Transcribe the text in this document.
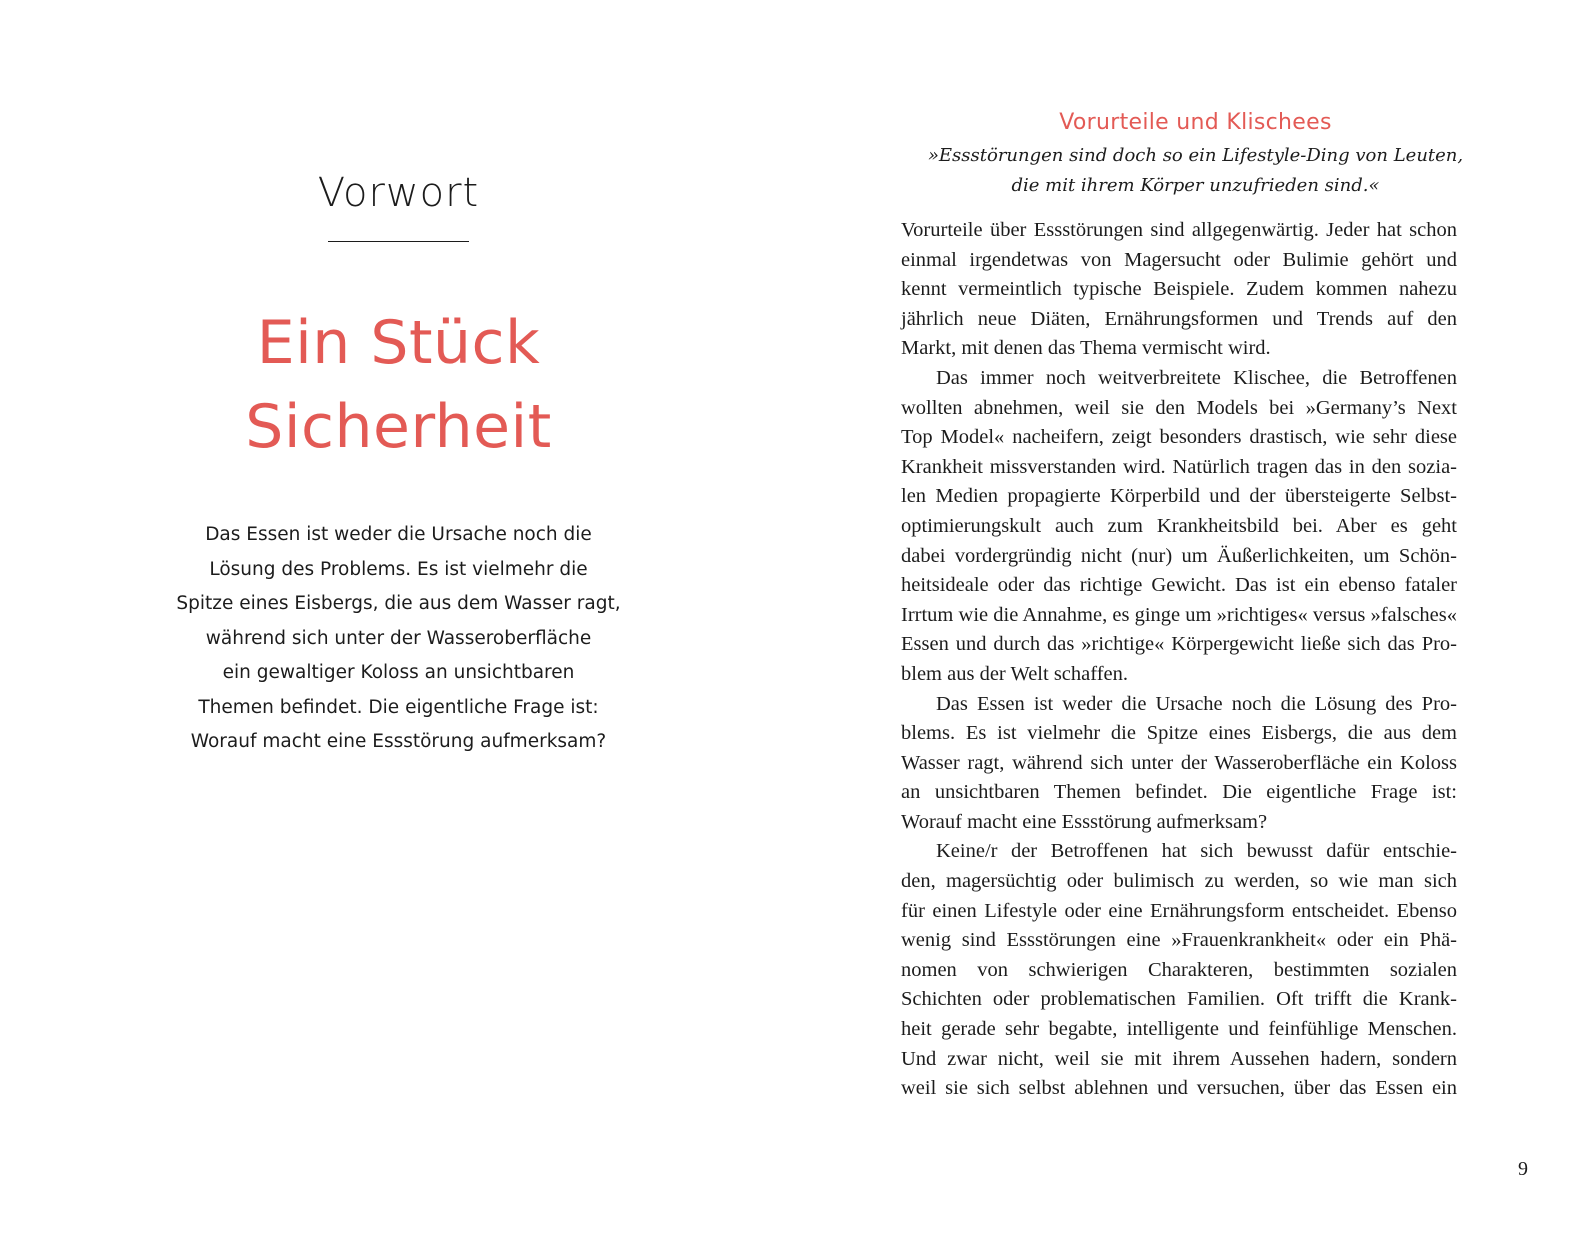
Vorwort
Ein Stück
Sicherheit
Das Essen ist weder die Ursache noch die
Lösung des Problems. Es ist vielmehr die
Spitze eines Eisbergs, die aus dem Wasser ragt,
während sich unter der Wasseroberfläche
ein gewaltiger Koloss an unsichtbaren
Themen befindet. Die eigentliche Frage ist:
Worauf macht eine Essstörung aufmerksam?
Vorurteile und Klischees
»Essstörungen sind doch so ein Lifestyle-Ding von Leuten,
die mit ihrem Körper unzufrieden sind.«
Vorurteile über Essstörungen sind allgegenwärtig. Jeder hat schon
einmal irgendetwas von Magersucht oder Bulimie gehört und
kennt vermeintlich typische Beispiele. Zudem kommen nahezu
jährlich neue Diäten, Ernährungsformen und Trends auf den
Markt, mit denen das Thema vermischt wird.
Das immer noch weitverbreitete Klischee, die Betroffenen
wollten abnehmen, weil sie den Models bei »Germany’s Next
Top Model« nacheifern, zeigt besonders drastisch, wie sehr diese
Krankheit missverstanden wird. Natürlich tragen das in den sozia-
len Medien propagierte Körperbild und der übersteigerte Selbst-
optimierungskult auch zum Krankheitsbild bei. Aber es geht
dabei vordergründig nicht (nur) um Äußerlichkeiten, um Schön-
heitsideale oder das richtige Gewicht. Das ist ein ebenso fataler
Irrtum wie die Annahme, es ginge um »richtiges« versus »falsches«
Essen und durch das »richtige« Körpergewicht ließe sich das Pro-
blem aus der Welt schaffen.
Das Essen ist weder die Ursache noch die Lösung des Pro-
blems. Es ist vielmehr die Spitze eines Eisbergs, die aus dem
Wasser ragt, während sich unter der Wasseroberfläche ein Koloss
an unsichtbaren Themen befindet. Die eigentliche Frage ist:
Worauf macht eine Essstörung aufmerksam?
Keine/r der Betroffenen hat sich bewusst dafür entschie-
den, magersüchtig oder bulimisch zu werden, so wie man sich
für einen Lifestyle oder eine Ernährungsform entscheidet. Ebenso
wenig sind Essstörungen eine »Frauenkrankheit« oder ein Phä-
nomen von schwierigen Charakteren, bestimmten sozialen
Schichten oder problematischen Familien. Oft trifft die Krank-
heit gerade sehr begabte, intelligente und feinfühlige Menschen.
Und zwar nicht, weil sie mit ihrem Aussehen hadern, sondern
weil sie sich selbst ablehnen und versuchen, über das Essen ein
9
